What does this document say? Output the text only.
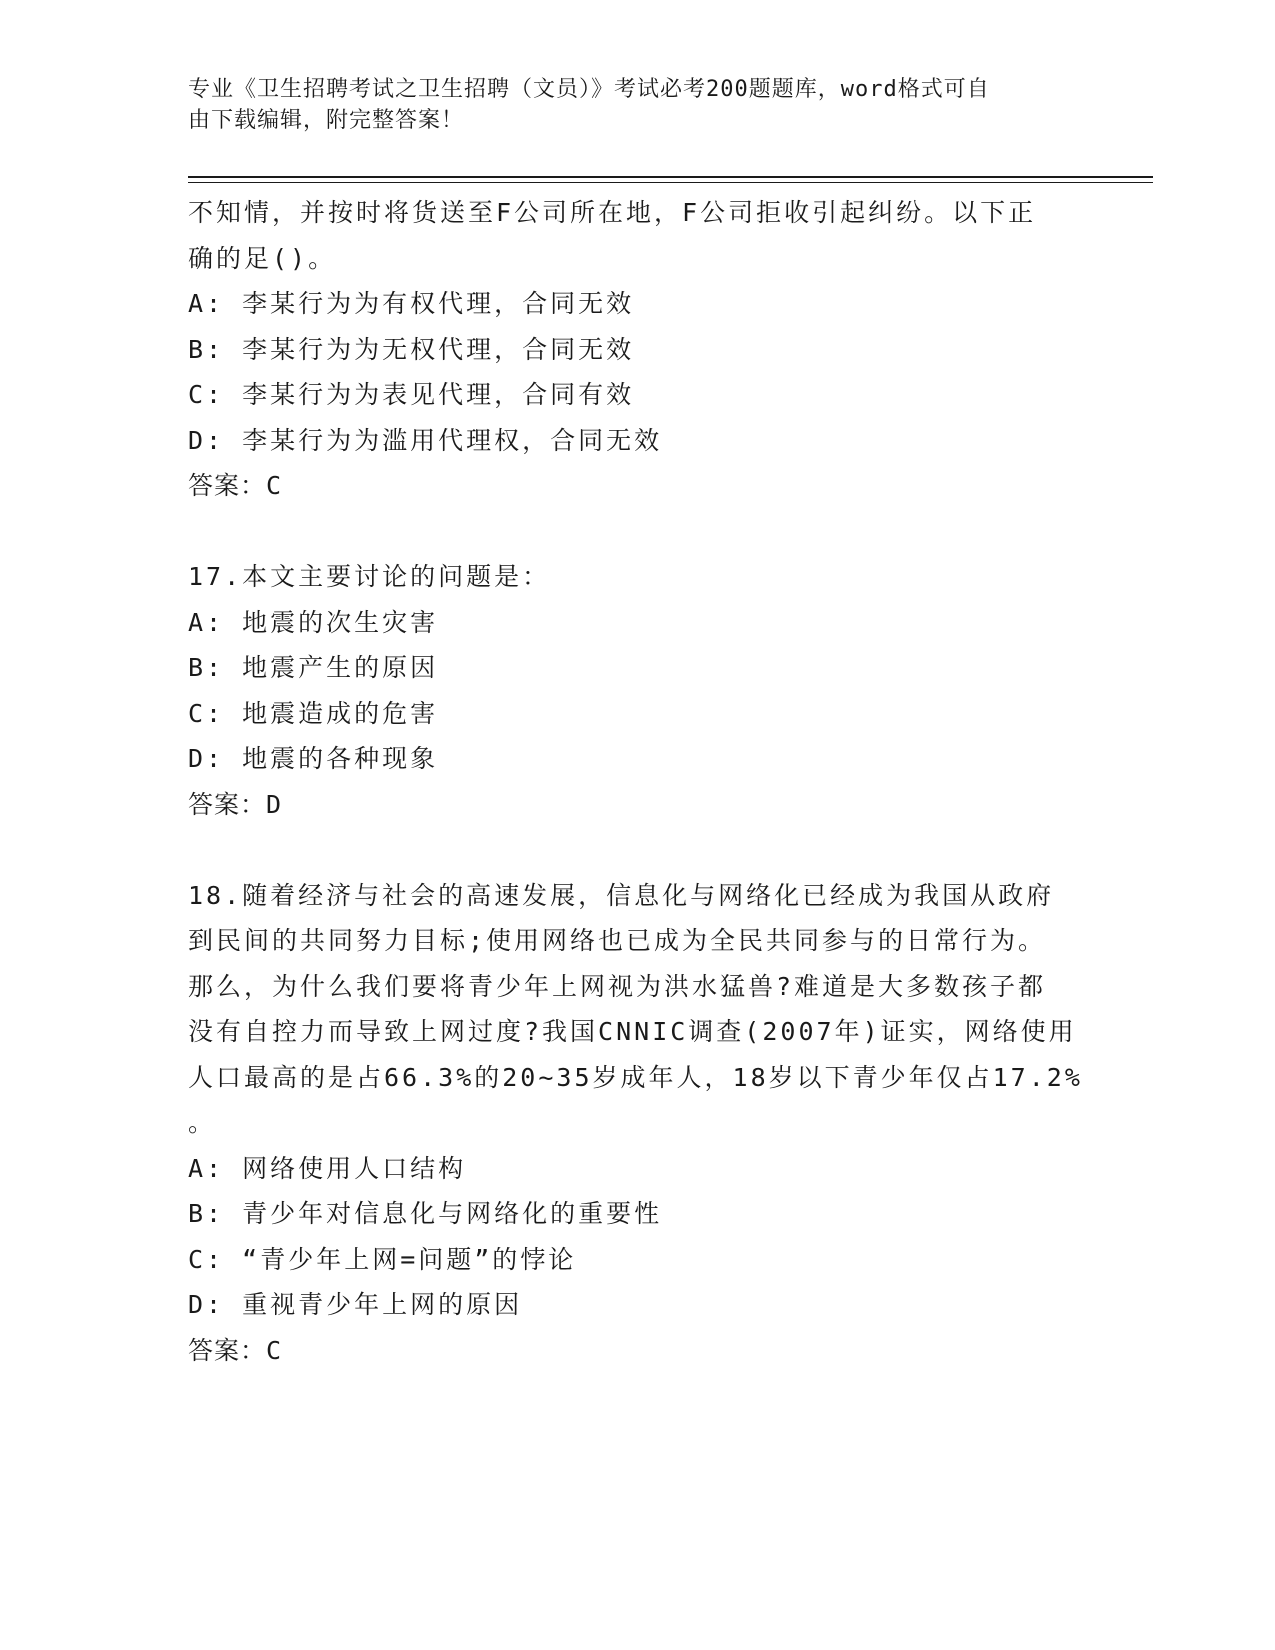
专业《卫生招聘考试之卫生招聘（文员）》考试必考200题题库，word格式可自
由下载编辑，附完整答案！
不知情，并按时将货送至F公司所在地，F公司拒收引起纠纷。以下正
确的足()。
A: 李某行为为有权代理，合同无效
B: 李某行为为无权代理，合同无效
C: 李某行为为表见代理，合同有效
D: 李某行为为滥用代理权，合同无效
答案：C
17.本文主要讨论的问题是：
A: 地震的次生灾害
B: 地震产生的原因
C: 地震造成的危害
D: 地震的各种现象
答案：D
18.随着经济与社会的高速发展，信息化与网络化已经成为我国从政府
到民间的共同努力目标;使用网络也已成为全民共同参与的日常行为。
那么，为什么我们要将青少年上网视为洪水猛兽?难道是大多数孩子都
没有自控力而导致上网过度?我国CNNIC调查(2007年)证实，网络使用
人口最高的是占66.3%的20~35岁成年人，18岁以下青少年仅占17.2%
。
A: 网络使用人口结构
B: 青少年对信息化与网络化的重要性
C: “青少年上网=问题”的悖论
D: 重视青少年上网的原因
答案：C
